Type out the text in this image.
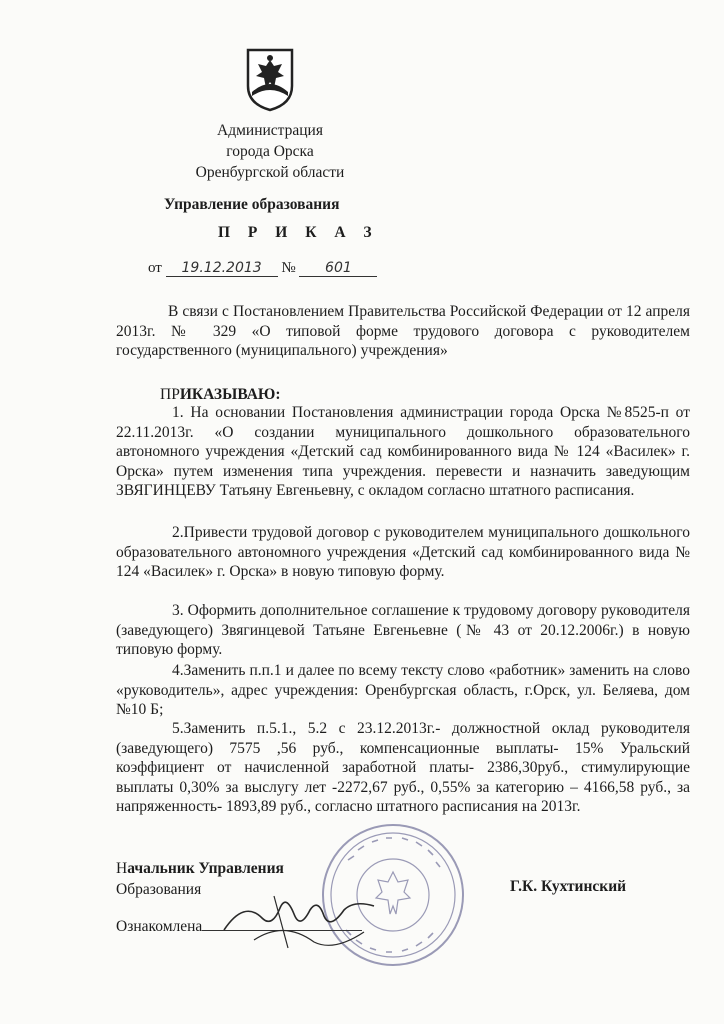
Администрация
города Орска
Оренбургской области
Управление образования
П Р И К А З
от 19.12.2013 № 601
В связи с Постановлением Правительства Российской Федерации от 12 апреля 2013г. № 329 «О типовой форме трудового договора с руководителем государственного (муниципального) учреждения»
ПРИКАЗЫВАЮ:
1. На основании Постановления администрации города Орска №8525-п от 22.11.2013г. «О создании муниципального дошкольного образовательного автономного учреждения «Детский сад комбинированного вида № 124 «Василек» г. Орска» путем изменения типа учреждения. перевести и назначить заведующим ЗВЯГИНЦЕВУ Татьяну Евгеньевну, с окладом согласно штатного расписания.
2.Привести трудовой договор с руководителем муниципального дошкольного образовательного автономного учреждения «Детский сад комбинированного вида № 124 «Василек» г. Орска» в новую типовую форму.
3. Оформить дополнительное соглашение к трудовому договору руководителя (заведующего) Звягинцевой Татьяне Евгеньевне (№ 43 от 20.12.2006г.) в новую типовую форму.
4.Заменить п.п.1 и далее по всему тексту слово «работник» заменить на слово «руководитель», адрес учреждения: Оренбургская область, г.Орск, ул. Беляева, дом №10 Б;
5.Заменить п.5.1., 5.2 с 23.12.2013г.- должностной оклад руководителя (заведующего) 7575 ,56 руб., компенсационные выплаты- 15% Уральский коэффициент от начисленной заработной платы- 2386,30руб., стимулирующие выплаты 0,30% за выслугу лет -2272,67 руб., 0,55% за категорию – 4166,58 руб., за напряженность- 1893,89 руб., согласно штатного расписания на 2013г.
Начальник Управления
Образования	Г.К. Кухтинский
Ознакомлена
